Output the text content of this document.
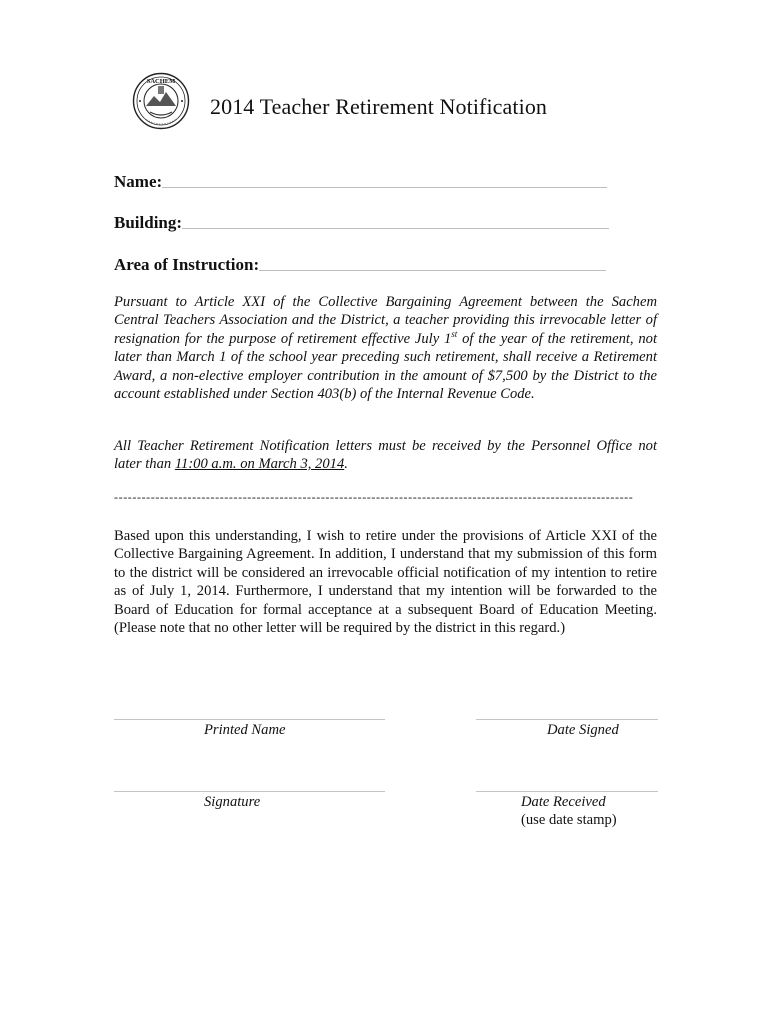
SACHEM
2014 Teacher Retirement Notification
Name:
Building:
Area of Instruction:
Pursuant to Article XXI of the Collective Bargaining Agreement between the Sachem Central Teachers Association and the District, a teacher providing this irrevocable letter of resignation for the purpose of retirement effective July 1st of the year of the retirement, not later than March 1 of the school year preceding such retirement, shall receive a Retirement Award, a non-elective employer contribution in the amount of $7,500 by the District to the account established under Section 403(b) of the Internal Revenue Code.
All Teacher Retirement Notification letters must be received by the Personnel Office not later than 11:00 a.m. on March 3, 2014.
-----------------------------------------------------------------------------------------------------------------
Based upon this understanding, I wish to retire under the provisions of Article XXI of the Collective Bargaining Agreement. In addition, I understand that my submission of this form to the district will be considered an irrevocable official notification of my intention to retire as of July 1, 2014. Furthermore, I understand that my intention will be forwarded to the Board of Education for formal acceptance at a subsequent Board of Education Meeting. (Please note that no other letter will be required by the district in this regard.)
Printed Name	Date Signed
Signature	Date Received
(use date stamp)
